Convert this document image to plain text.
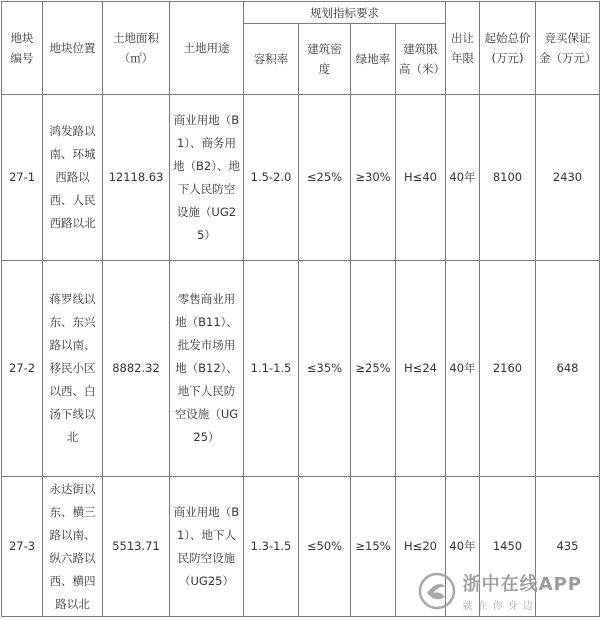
地块编号	地块位置	土地面积（㎡）	土地用途	规划指标要求				出让年限	起始总价(万元)	竞买保证金（万元）
				容积率	建筑密度	绿地率	建筑限高（米）			
27-1	鸿发路以南、环城西路以西、人民西路以北	12118.63	商业用地（B1）、商务用地（B2）、地下人民防空设施（UG25）	1.5-2.0	≤25%	≥30%	H≤40	40年	8100	2430
27-2	蒋罗线以东、东兴路以南、移民小区以西、白汤下线以北	8882.32	零售商业用地（B11）、批发市场用地（B12）、地下人民防空设施（UG25）	1.1-1.5	≤35%	≥25%	H≤24	40年	2160	648
27-3	永达街以东、横三路以南、纵六路以西、横四路以北	5513.71	商业用地（B1）、地下人民防空设施（UG25）	1.3-1.5	≤50%	≥15%	H≤20	40年	1450	435
浙中在线APP
就在你身边
